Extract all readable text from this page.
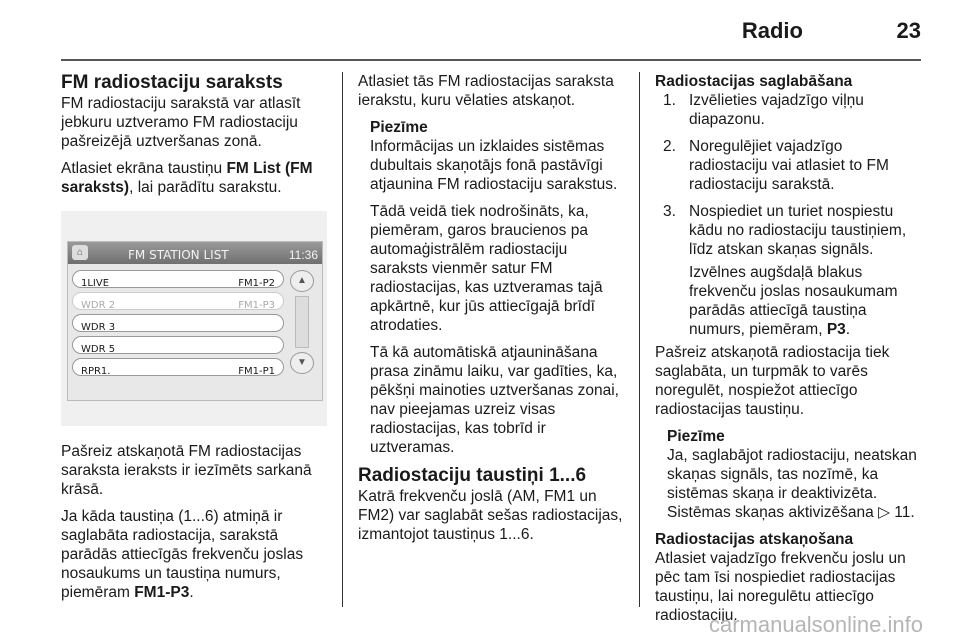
Radio	23
FM radiostaciju saraksts

FM radiostaciju sarakstā var atlasīt jebkuru uztveramo FM radiostaciju pašreizējā uztveršanas zonā.

Atlasiet ekrāna taustiņu FM List (FM saraksts), lai parādītu sarakstu.

⌂	FM STATION LIST	11:36
1LIVE	FM1-P2
WDR 2	FM1-P3
WDR 3
WDR 5
RPR1.	FM1-P1
▲
▼

Pašreiz atskaņotā FM radiostacijas saraksta ieraksts ir iezīmēts sarkanā krāsā.

Ja kāda taustiņa (1...6) atmiņā ir saglabāta radiostacija, sarakstā parādās attiecīgās frekvenču joslas nosaukums un taustiņa numurs, piemēram FM1-P3.

Atlasiet tās FM radiostacijas saraksta ierakstu, kuru vēlaties atskaņot.

Piezīme

Informācijas un izklaides sistēmas dubultais skaņotājs fonā pastāvīgi atjaunina FM radiostaciju sarakstus.

Tādā veidā tiek nodrošināts, ka, piemēram, garos braucienos pa automaģistrālēm radiostaciju saraksts vienmēr satur FM radiostacijas, kas uztveramas tajā apkārtnē, kur jūs attiecīgajā brīdī atrodaties.

Tā kā automātiskā atjaunināšana prasa zināmu laiku, var gadīties, ka, pēkšņi mainoties uztveršanas zonai, nav pieejamas uzreiz visas radiostacijas, kas tobrīd ir uztveramas.

Radiostaciju taustiņi 1...6

Katrā frekvenču joslā (AM, FM1 un FM2) var saglabāt sešas radiostacijas, izmantojot taustiņus 1...6.

Radiostacijas saglabāšana
1. Izvēlieties vajadzīgo viļņu diapazonu.
2. Noregulējiet vajadzīgo radiostaciju vai atlasiet to FM radiostaciju sarakstā.
3. Nospiediet un turiet nospiestu kādu no radiostaciju taustiņiem, līdz atskan skaņas signāls.

Izvēlnes augšdaļā blakus frekvenču joslas nosaukumam parādās attiecīgā taustiņa numurs, piemēram, P3.

Pašreiz atskaņotā radiostacija tiek saglabāta, un turpmāk to varēs noregulēt, nospiežot attiecīgo radiostacijas taustiņu.

Piezīme

Ja, saglabājot radiostaciju, neatskan skaņas signāls, tas nozīmē, ka sistēmas skaņa ir deaktivizēta. Sistēmas skaņas aktivizēšana ▷ 11.

Radiostacijas atskaņošana

Atlasiet vajadzīgo frekvenču joslu un pēc tam īsi nospiediet radiostacijas taustiņu, lai noregulētu attiecīgo radiostaciju.

carmanualsonline.info
